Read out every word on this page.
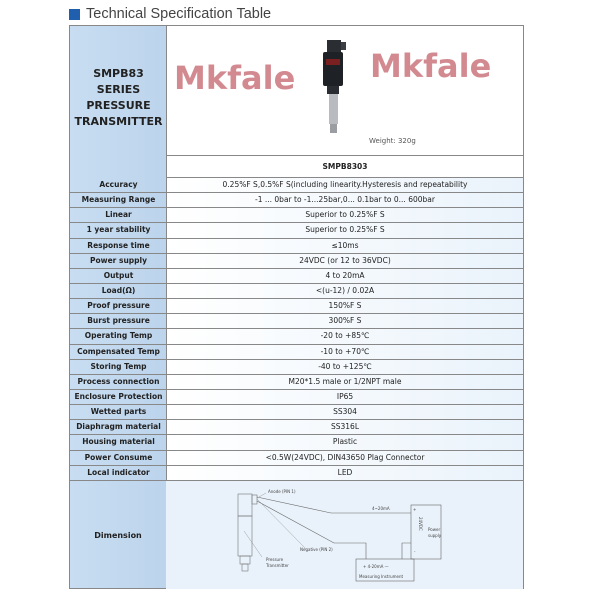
Technical Specification Table
SMPB83
SERIES
PRESSURE
TRANSMITTER
Weight: 320g
SMPB8303
Accuracy	0.25%F S,0.5%F S(including linearity.Hysteresis and repeatability
Measuring Range	-1 ... 0bar to -1...25bar,0... 0.1bar to 0... 600bar
Linear	Superior to 0.25%F S
1 year stability	Superior to 0.25%F S
Response time	≤10ms
Power supply	24VDC (or 12 to 36VDC)
Output	4 to 20mA
Load(Ω)	<(u-12) / 0.02A
Proof pressure	150%F S
Burst pressure	300%F S
Operating Temp	-20 to +85℃
Compensated Temp	-10 to +70℃
Storing Temp	-40 to +125℃
Process connection	M20*1.5 male or 1/2NPT male
Enclosure Protection	IP65
Wetted parts	SS304
Diaphragm material	SS316L
Housing material	Plastic
Power Consume	<0.5W(24VDC), DIN43650 Plag Connector
Local indicator	LED
Dimension
Anode (PIN 1)
Negative (PIN 2)
Pressure
Transmitter
4~20mA
+ 4-20mA —
Measuring Instrument
+
-
24VDC Power
supply
Mkfale Mkfale
